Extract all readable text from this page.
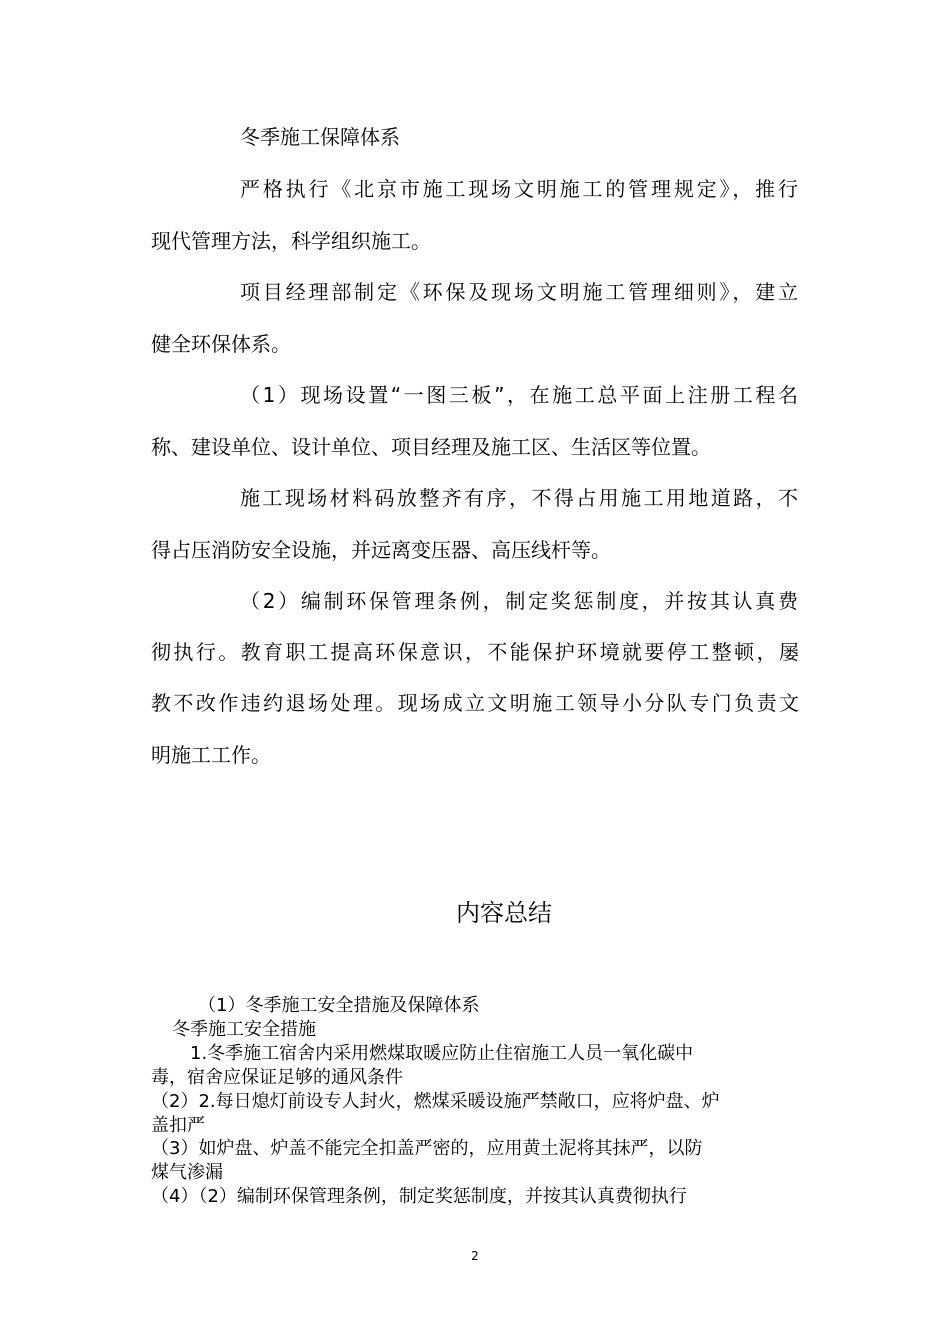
冬季施工保障体系
严格执行《北京市施工现场文明施工的管理规定》，推行
现代管理方法，科学组织施工。
项目经理部制定《环保及现场文明施工管理细则》，建立
健全环保体系。
（1）现场设置“一图三板”，在施工总平面上注册工程名
称、建设单位、设计单位、项目经理及施工区、生活区等位置。
施工现场材料码放整齐有序，不得占用施工用地道路，不
得占压消防安全设施，并远离变压器、高压线杆等。
（2）编制环保管理条例，制定奖惩制度，并按其认真费
彻执行。教育职工提高环保意识，不能保护环境就要停工整顿，屡
教不改作违约退场处理。现场成立文明施工领导小分队专门负责文
明施工工作。
内容总结
（1）冬季施工安全措施及保障体系
冬季施工安全措施
1.冬季施工宿舍内采用燃煤取暖应防止住宿施工人员一氧化碳中
毒，宿舍应保证足够的通风条件
（2）2.每日熄灯前设专人封火，燃煤采暖设施严禁敞口，应将炉盘、炉
盖扣严
（3）如炉盘、炉盖不能完全扣盖严密的，应用黄土泥将其抹严，以防
煤气渗漏
（4）（2）编制环保管理条例，制定奖惩制度，并按其认真费彻执行
2
